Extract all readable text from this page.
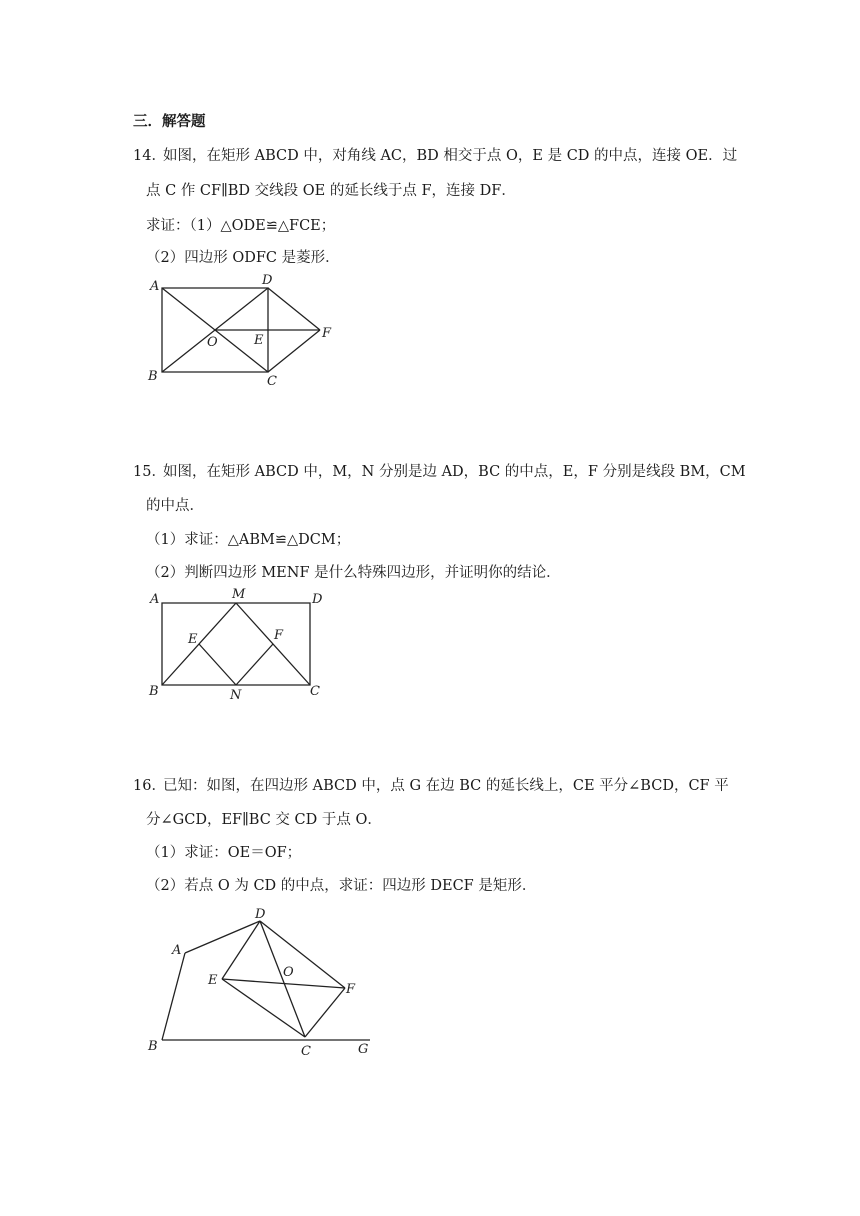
三．解答题
14．
如图，在矩形 ABCD 中，对角线 AC，BD 相交于点 O，E 是 CD 的中点，连接 OE．过
点 C 作 CF∥BD 交线段 OE 的延长线于点 F，连接 DF．
求证：（1）△ODE≌△FCE；
（2）四边形 ODFC 是菱形．
A	D
B	C
O	E	F
15．
如图，在矩形 ABCD 中，M，N 分别是边 AD，BC 的中点，E，F 分别是线段 BM，CM
的中点．
（1）求证：△ABM≌△DCM；
（2）判断四边形 MENF 是什么特殊四边形，并证明你的结论．
A	M	D
E	F
B	N	C
16．
已知：如图，在四边形 ABCD 中，点 G 在边 BC 的延长线上，CE 平分∠BCD，CF 平
分∠GCD，EF∥BC 交 CD 于点 O．
（1）求证：OE＝OF；
（2）若点 O 为 CD 的中点，求证：四边形 DECF 是矩形．
D
A
E
O
F
B	C	G
